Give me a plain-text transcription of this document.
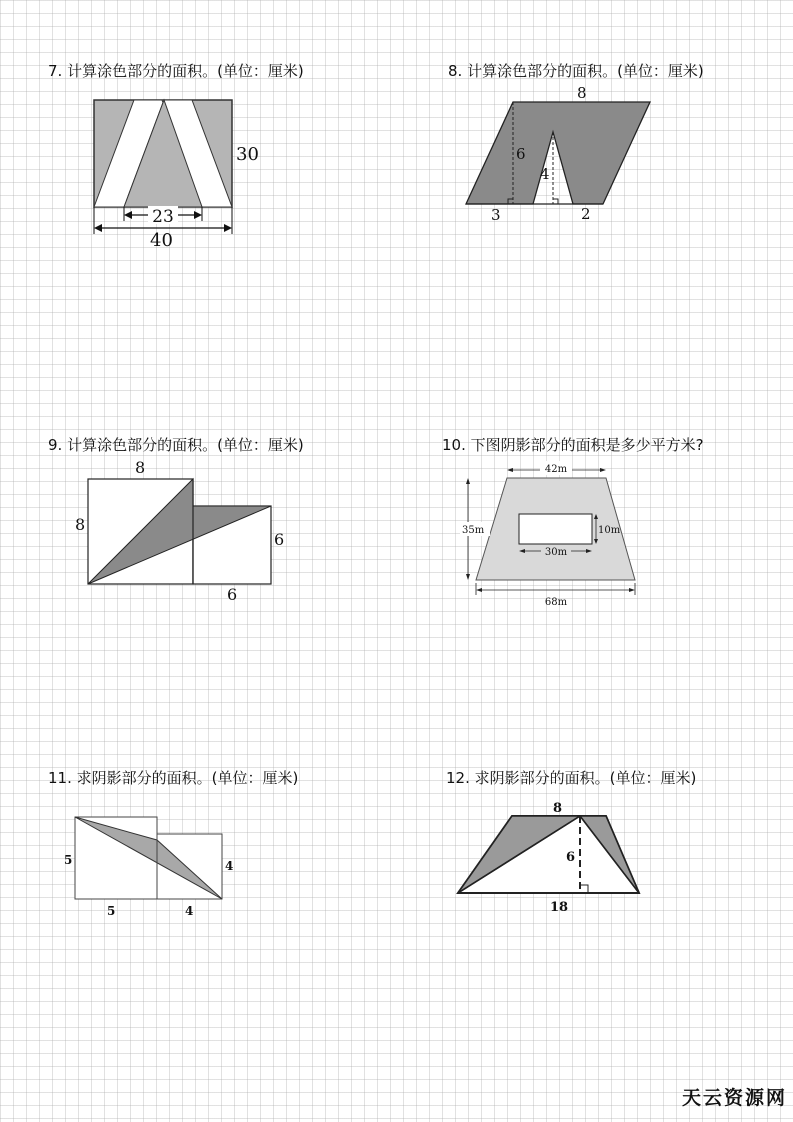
7. 计算涂色部分的面积。(单位：厘米)
23
40
30
8. 计算涂色部分的面积。(单位：厘米)
8
6
4
3	2
9. 计算涂色部分的面积。(单位：厘米)
8
8
6
6
10. 下图阴影部分的面积是多少平方米?
42m
35m	10m
30m
68m
11. 求阴影部分的面积。(单位：厘米)
5	4
5	4
12. 求阴影部分的面积。(单位：厘米)
8
6
18
天云资源网
